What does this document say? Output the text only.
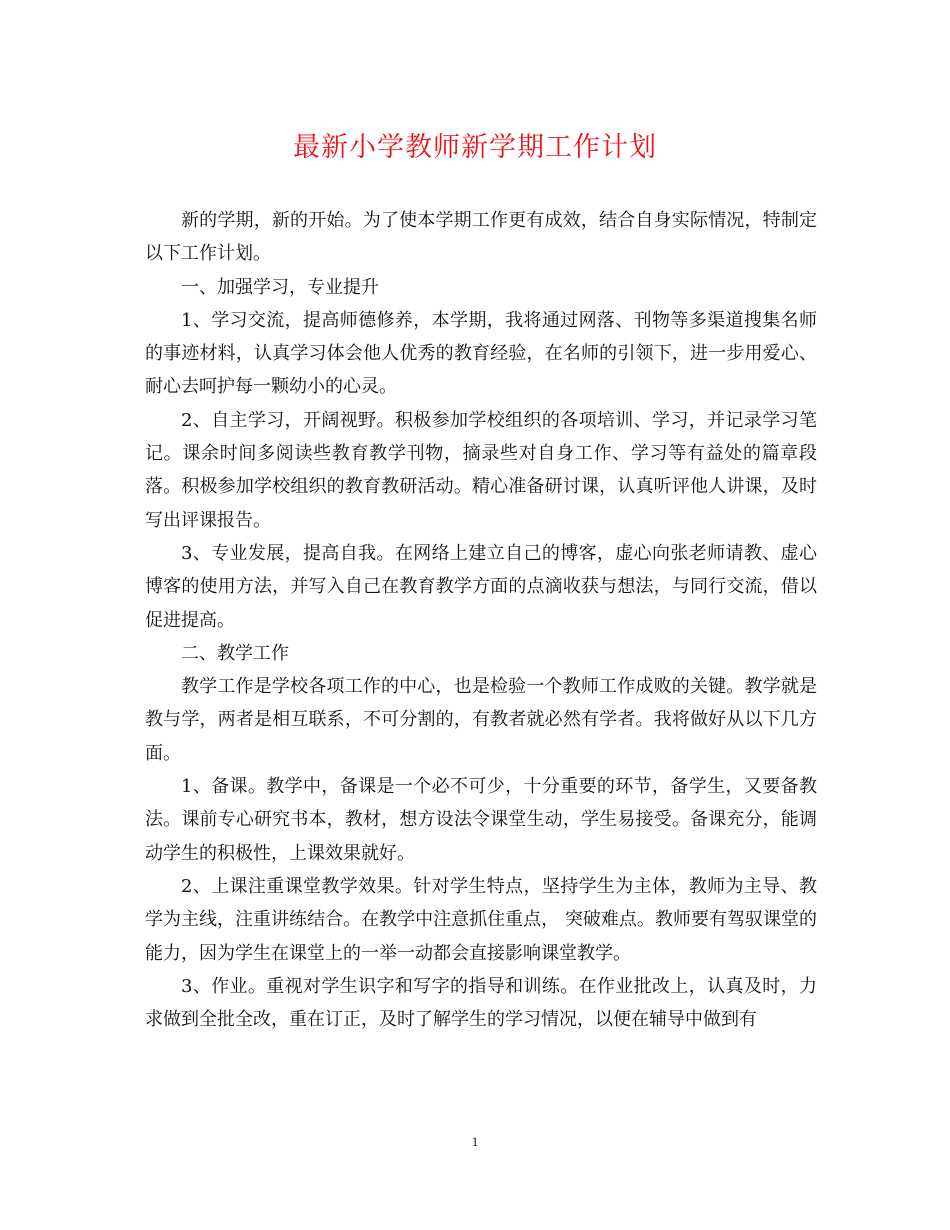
最新小学教师新学期工作计划

新的学期，新的开始。为了使本学期工作更有成效，结合自身实际情况，特制定以下工作计划。

一、加强学习，专业提升

1、学习交流，提高师德修养，本学期，我将通过网落、刊物等多渠道搜集名师的事迹材料，认真学习体会他人优秀的教育经验，在名师的引领下，进一步用爱心、耐心去呵护每一颗幼小的心灵。

2、自主学习，开阔视野。积极参加学校组织的各项培训、学习，并记录学习笔记。课余时间多阅读些教育教学刊物，摘录些对自身工作、学习等有益处的篇章段落。积极参加学校组织的教育教研活动。精心准备研讨课，认真听评他人讲课，及时写出评课报告。

3、专业发展，提高自我。在网络上建立自己的博客，虚心向张老师请教、虚心博客的使用方法，并写入自己在教育教学方面的点滴收获与想法，与同行交流，借以促进提高。

二、教学工作

教学工作是学校各项工作的中心，也是检验一个教师工作成败的关键。教学就是教与学，两者是相互联系，不可分割的，有教者就必然有学者。我将做好从以下几方面。

1、备课。教学中，备课是一个必不可少，十分重要的环节，备学生，又要备教法。课前专心研究书本，教材，想方设法令课堂生动，学生易接受。备课充分，能调动学生的积极性，上课效果就好。

2、上课注重课堂教学效果。针对学生特点，坚持学生为主体，教师为主导、教学为主线，注重讲练结合。在教学中注意抓住重点， 突破难点。教师要有驾驭课堂的能力，因为学生在课堂上的一举一动都会直接影响课堂教学。

3、作业。重视对学生识字和写字的指导和训练。在作业批改上，认真及时，力求做到全批全改，重在订正，及时了解学生的学习情况，以便在辅导中做到有

1
